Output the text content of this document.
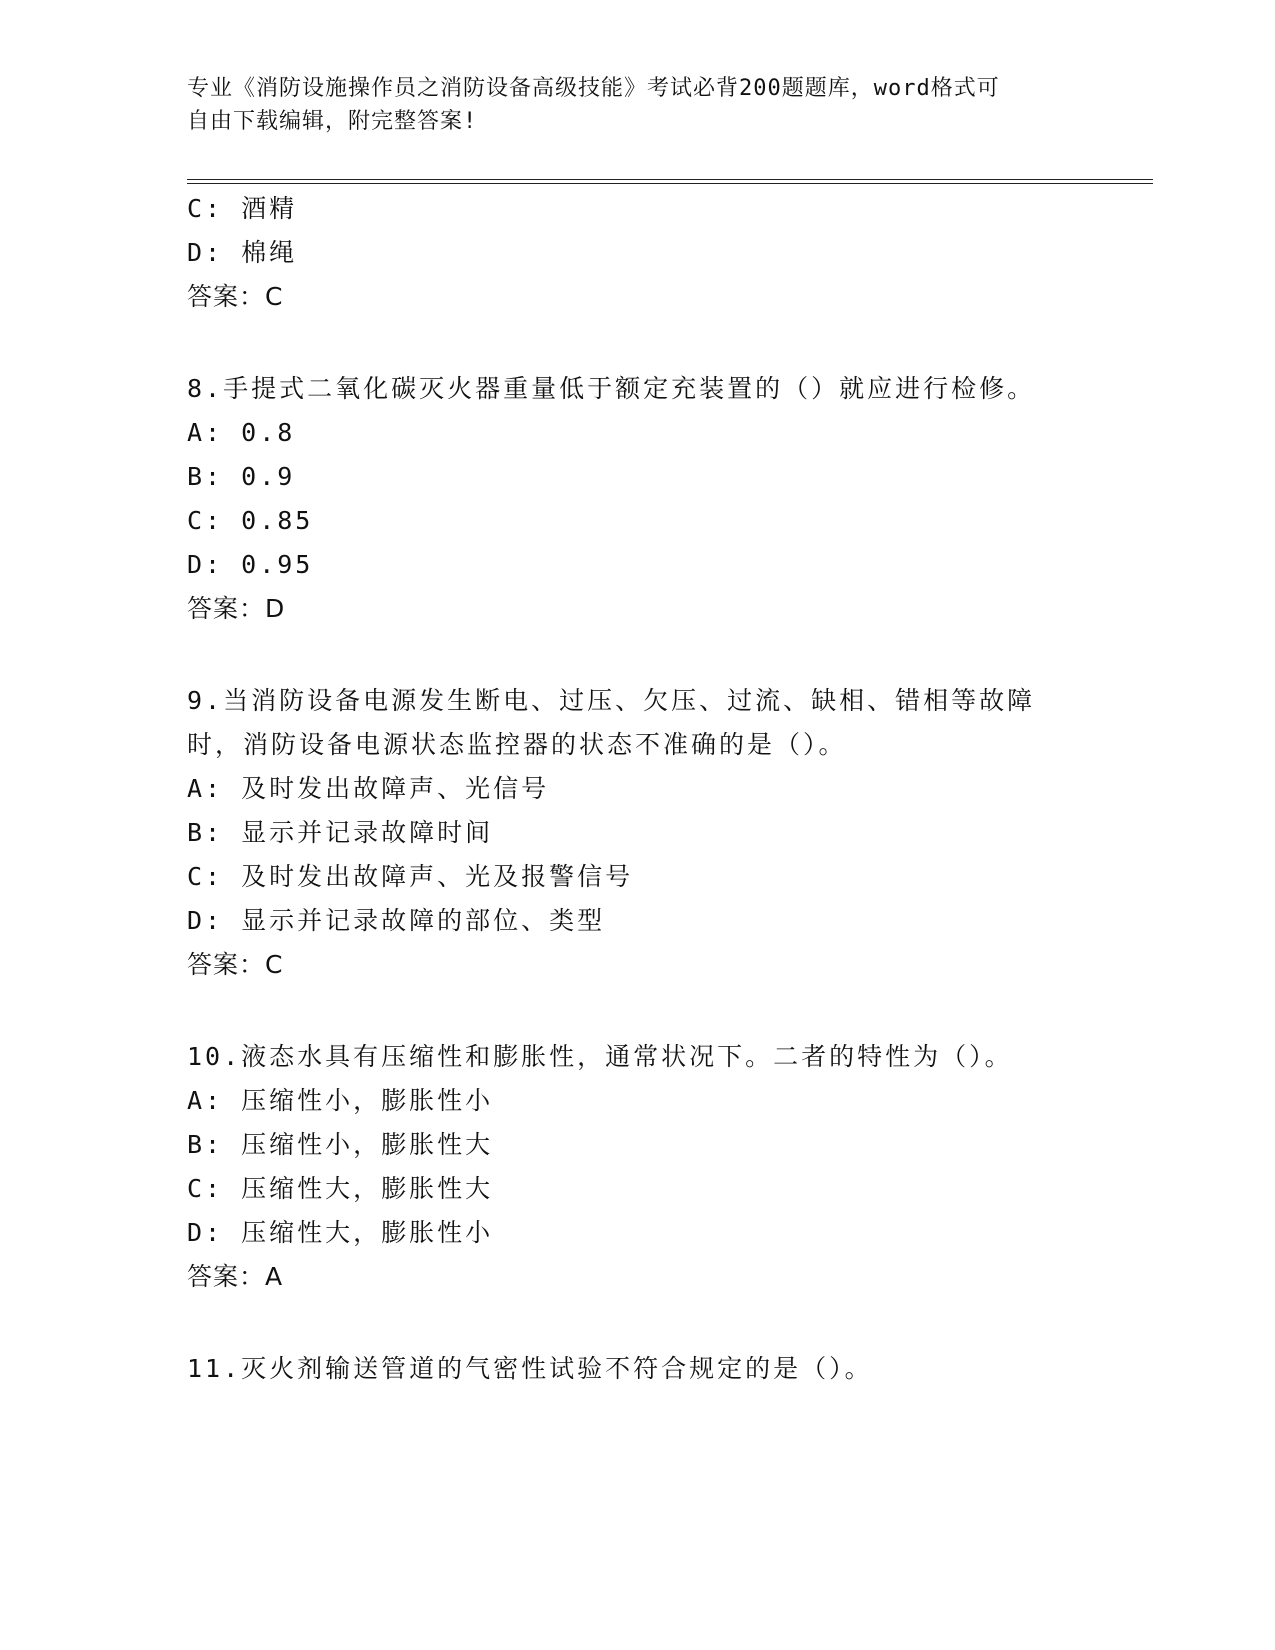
专业《消防设施操作员之消防设备高级技能》考试必背200题题库，word格式可
自由下载编辑，附完整答案!
C: 酒精
D: 棉绳
答案：C
8.手提式二氧化碳灭火器重量低于额定充装置的（）就应进行检修。
A: 0.8
B: 0.9
C: 0.85
D: 0.95
答案：D
9.当消防设备电源发生断电、过压、欠压、过流、缺相、错相等故障
时，消防设备电源状态监控器的状态不准确的是（）。
A: 及时发出故障声、光信号
B: 显示并记录故障时间
C: 及时发出故障声、光及报警信号
D: 显示并记录故障的部位、类型
答案：C
10.液态水具有压缩性和膨胀性，通常状况下。二者的特性为（）。
A: 压缩性小，膨胀性小
B: 压缩性小，膨胀性大
C: 压缩性大，膨胀性大
D: 压缩性大，膨胀性小
答案：A
11.灭火剂输送管道的气密性试验不符合规定的是（）。
